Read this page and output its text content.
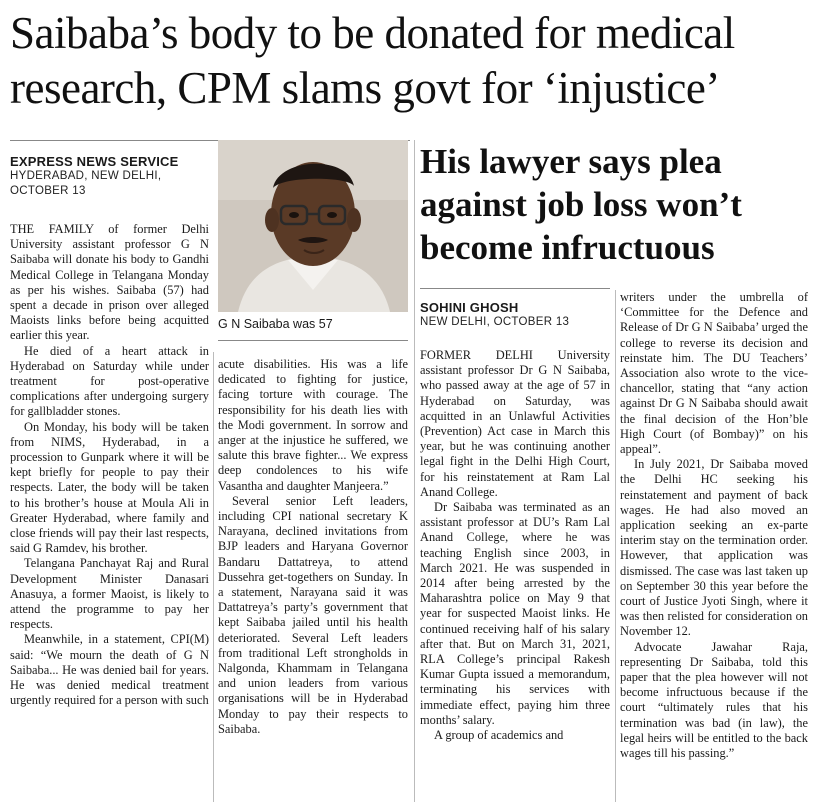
Saibaba’s body to be donated for medical research, CPM slams govt for ‘injustice’
EXPRESS NEWS SERVICE
HYDERABAD, NEW DELHI,
OCTOBER 13
G N Saibaba was 57

THE FAMILY of former Delhi University assistant professor G N Saibaba will donate his body to Gandhi Medical College in Telangana Monday as per his wishes. Saibaba (57) had spent a decade in prison over alleged Maoists links before being acquitted earlier this year.

He died of a heart attack in Hyderabad on Saturday while under treatment for post-operative complications after undergoing surgery for gallbladder stones.

On Monday, his body will be taken from NIMS, Hyderabad, in a procession to Gunpark where it will be kept briefly for people to pay their respects. Later, the body will be taken to his brother’s house at Moula Ali in Greater Hyderabad, where family and close friends will pay their last respects, said G Ramdev, his brother.

Telangana Panchayat Raj and Rural Development Minister Danasari Anasuya, a former Maoist, is likely to attend the programme to pay her respects.

Meanwhile, in a statement, CPI(M) said: “We mourn the death of G N Saibaba... He was denied bail for years. He was denied medical treatment urgently required for a person with such

acute disabilities. His was a life dedicated to fighting for justice, facing torture with courage. The responsibility for his death lies with the Modi government. In sorrow and anger at the injustice he suffered, we salute this brave fighter... We express deep condolences to his wife Vasantha and daughter Manjeera.”

Several senior Left leaders, including CPI national secretary K Narayana, declined invitations from BJP leaders and Haryana Governor Bandaru Dattatreya, to attend Dussehra get-togethers on Sunday. In a statement, Narayana said it was Dattatreya’s party’s government that kept Saibaba jailed until his health deteriorated. Several Left leaders from traditional Left strongholds in Nalgonda, Khammam in Telangana and union leaders from various organisations will be in Hyderabad Monday to pay their respects to Saibaba.

His lawyer says plea against job loss won’t become infructuous
SOHINI GHOSH
NEW DELHI, OCTOBER 13

FORMER DELHI University assistant professor Dr G N Saibaba, who passed away at the age of 57 in Hyderabad on Saturday, was acquitted in an Unlawful Activities (Prevention) Act case in March this year, but he was continuing another legal fight in the Delhi High Court, for his reinstatement at Ram Lal Anand College.

Dr Saibaba was terminated as an assistant professor at DU’s Ram Lal Anand College, where he was teaching English since 2003, in March 2021. He was suspended in 2014 after being arrested by the Maharashtra police on May 9 that year for suspected Maoist links. He continued receiving half of his salary after that. But on March 31, 2021, RLA College’s principal Rakesh Kumar Gupta issued a memorandum, terminating his services with immediate effect, paying him three months’ salary.

A group of academics and

writers under the umbrella of ‘Committee for the Defence and Release of Dr G N Saibaba’ urged the college to reverse its decision and reinstate him. The DU Teachers’ Association also wrote to the vice-chancellor, stating that “any action against Dr G N Saibaba should await the final decision of the Hon’ble High Court (of Bombay)” on his appeal”.

In July 2021, Dr Saibaba moved the Delhi HC seeking his reinstatement and payment of back wages. He had also moved an application seeking an ex-parte interim stay on the termination order. However, that application was dismissed. The case was last taken up on September 30 this year before the court of Justice Jyoti Singh, where it was then relisted for consideration on November 12.

Advocate Jawahar Raja, representing Dr Saibaba, told this paper that the plea however will not become infructuous because if the court “ultimately rules that his termination was bad (in law), the legal heirs will be entitled to the back wages till his passing.”
